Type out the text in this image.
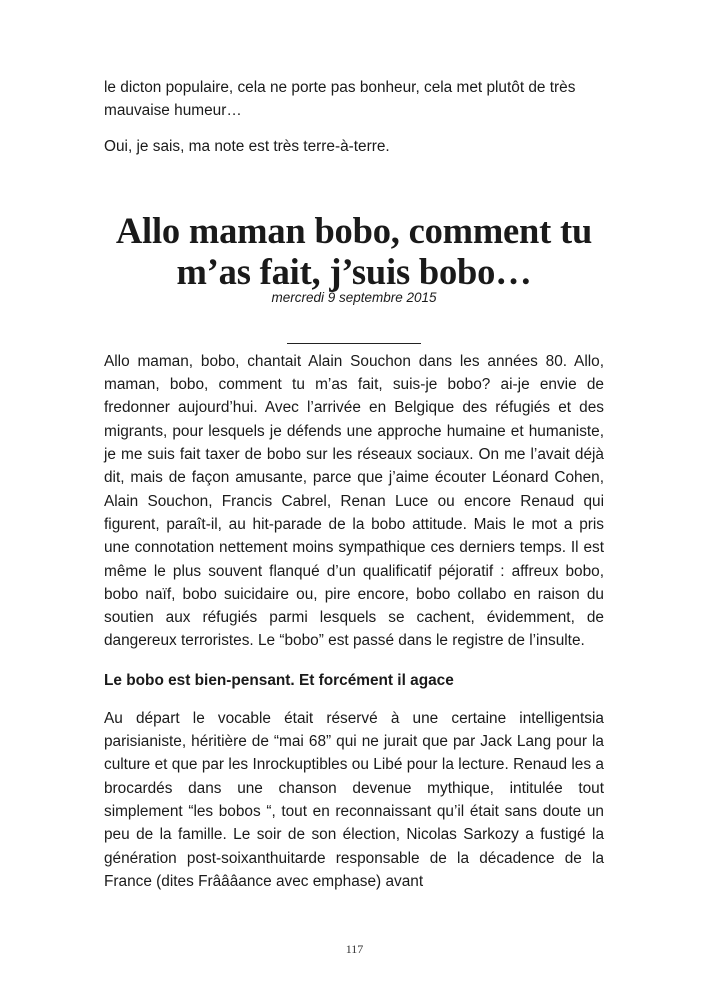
le dicton populaire, cela ne porte pas bonheur, cela met plutôt de très mauvaise humeur…

Oui, je sais, ma note est très terre-à-terre.

Allo maman bobo, comment tu m’as fait, j’suis bobo…
mercredi 9 septembre 2015

Allo maman, bobo, chantait Alain Souchon dans les années 80. Allo, maman, bobo, comment tu m’as fait, suis-je bobo? ai-je envie de fredonner aujourd’hui. Avec l’arrivée en Belgique des réfugiés et des migrants, pour lesquels je défends une approche humaine et humaniste, je me suis fait taxer de bobo sur les réseaux sociaux. On me l’avait déjà dit, mais de façon amusante, parce que j’aime écouter Léonard Cohen, Alain Souchon, Francis Cabrel, Renan Luce ou encore Renaud qui figurent, paraît-il, au hit-parade de la bobo attitude. Mais le mot a pris une connotation nettement moins sympathique ces derniers temps. Il est même le plus souvent flanqué d’un qualificatif péjoratif : affreux bobo, bobo naïf, bobo suicidaire ou, pire encore, bobo collabo en raison du soutien aux réfugiés parmi lesquels se cachent, évidemment, de dangereux terroristes. Le “bobo” est passé dans le registre de l’insulte.

Le bobo est bien-pensant. Et forcément il agace

Au départ le vocable était réservé à une certaine intelligentsia parisianiste, héritière de “mai 68” qui ne jurait que par Jack Lang pour la culture et que par les Inrockuptibles ou Libé pour la lecture. Renaud les a brocardés dans une chanson devenue mythique, intitulée tout simplement “les bobos “, tout en reconnaissant qu’il était sans doute un peu de la famille. Le soir de son élection, Nicolas Sarkozy a fustigé la génération post-soixanthuitarde responsable de la décadence de la France (dites Frâââance avec emphase) avant

117
